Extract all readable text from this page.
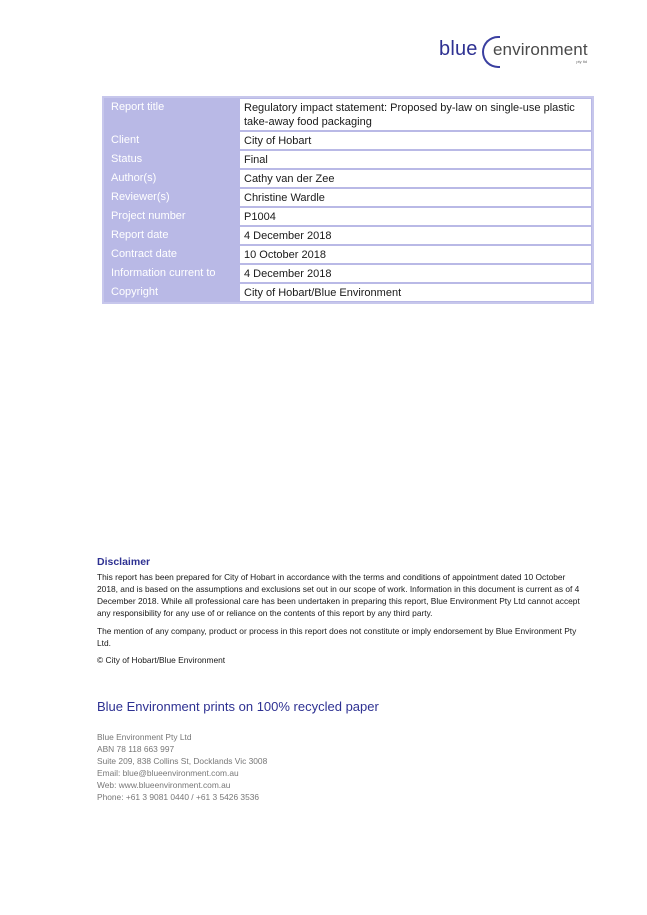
blue environment
pty ltd
Report title	Regulatory impact statement: Proposed by-law on single-use plastic take-away food packaging
Client	City of Hobart
Status	Final
Author(s)	Cathy van der Zee
Reviewer(s)	Christine Wardle
Project number	P1004
Report date	4 December 2018
Contract date	10 October 2018
Information current to	4 December 2018
Copyright	City of Hobart/Blue Environment
Disclaimer

This report has been prepared for City of Hobart in accordance with the terms and conditions of appointment dated 10 October 2018, and is based on the assumptions and exclusions set out in our scope of work. Information in this document is current as of 4 December 2018. While all professional care has been undertaken in preparing this report, Blue Environment Pty Ltd cannot accept any responsibility for any use of or reliance on the contents of this report by any third party.

The mention of any company, product or process in this report does not constitute or imply endorsement by Blue Environment Pty Ltd.

© City of Hobart/Blue Environment
Blue Environment prints on 100% recycled paper
Blue Environment Pty Ltd
ABN 78 118 663 997
Suite 209, 838 Collins St, Docklands Vic 3008
Email: blue@blueenvironment.com.au
Web: www.blueenvironment.com.au
Phone: +61 3 9081 0440 / +61 3 5426 3536
